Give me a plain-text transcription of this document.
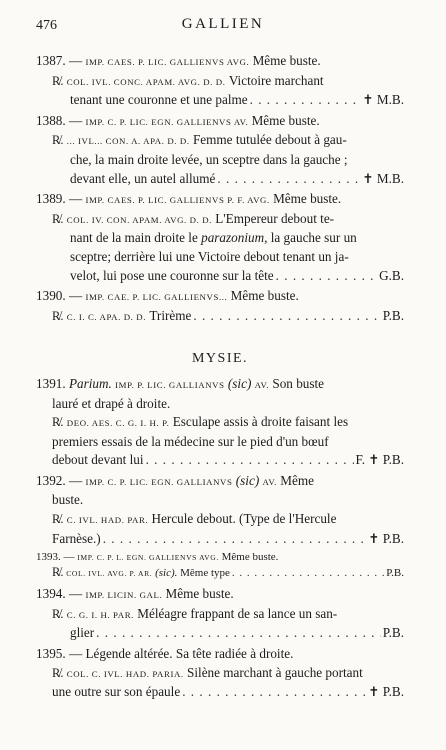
476	GALLIEN
1387.
—
IMP. CAES. P. LIC. GALLIENVS AVG.
Même buste.
R̸.
COL. IVL. CONC. APAM. AVG. D. D.
Victoire marchant
tenant une couronne et une palme . . .	✝ M.B.
1388.
—
IMP. C. P. LIC. EGN. GALLIENVS AV.
Même buste.
R̸.
... IVL... CON. A. APA. D. D.
Femme tutulée debout à gau-
che, la main droite levée, un sceptre dans la gauche ;
devant elle, un autel allumé . . .	✝ M.B.
1389.
—
IMP. CAES. P. LIC. GALLIENVS P. F. AVG.
Même buste.
R̸.
COL. IV. CON. APAM. AVG. D. D.
L'Empereur debout te-
nant de la main droite le
parazonium,
la gauche sur un
sceptre; derrière lui une Victoire debout tenant un ja-
velot, lui pose une couronne sur la tête . . .	G.B.
1390.
—
IMP. CAE. P. LIC. GALLIENVS...
Même buste.
R̸.
C. I. C. APA. D. D.
Trirème . . .	P.B.
MYSIE.
1391.
Parium.
IMP. P. LIC. GALLIANVS
(sic)
AV.
Son buste
lauré et drapé à droite.
R̸.
DEO. AES. C. G. I. H. P.
Esculape assis à droite faisant les
premiers essais de la médecine sur le pied d'un bœuf
debout devant lui . . .	F. ✝ P.B.
1392.
—
IMP. C. P. LIC. EGN. GALLIANVS
(sic)
AV.
Même
buste.
R̸.
C. IVL. HAD. PAR.
Hercule debout. (Type de l'Hercule
Farnèse.) . . .	✝ P.B.
1393.
—
IMP. C. P. L. EGN. GALLIENVS AVG.
Même buste.
R̸.
COL. IVL. AVG. P. AR.
(sic).
Même type . . .	P.B.
1394.
—
IMP. LICIN. GAL.
Même buste.
R̸.
C. G. I. H. PAR.
Méléagre frappant de sa lance un san-
glier . . .	P.B.
1395.
—
Légende altérée. Sa tête radiée à droite.
R̸.
COL. C. IVL. HAD. PARIA.
Silène marchant à gauche portant
une outre sur son épaule . . .	✝ P.B.
